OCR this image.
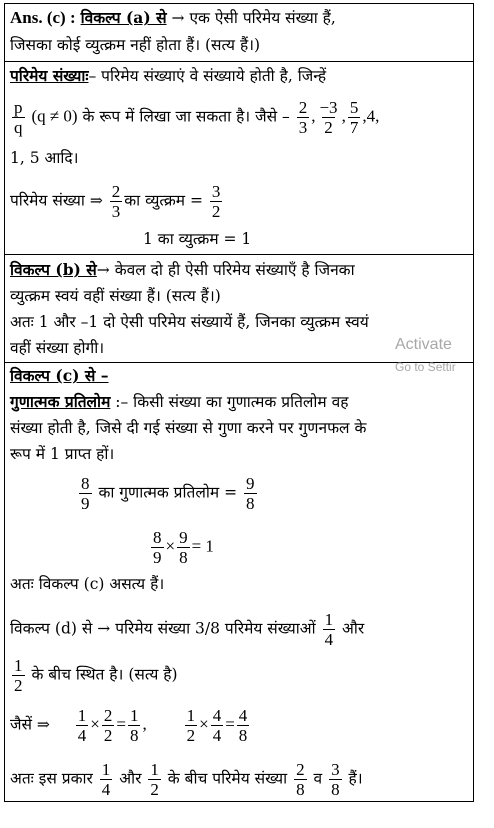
Ans. (c) : विकल्प (a) से → एक ऐसी परिमेय संख्या हैं,
जिसका कोई व्युत्क्रम नहीं होता हैं। (सत्य हैं।)
परिमेय संख्याः– परिमेय संख्याएं वे संख्याये होती है, जिन्हें
$\frac{p}{q} (q \ne 0)$ के रूप में लिखा जा सकता है। जैसे – $\frac{2}{3}$ , $\frac{-3}{2}$ , $\frac{5}{7} ,4$,
1, 5 आदि।
परिमेय संख्या ⇒ $\frac{2}{3}$ का व्युत्क्रम = $\frac{3}{2}$
1 का व्युत्क्रम = 1
विकल्प (b) से→ केवल दो ही ऐसी परिमेय संख्याएँ है जिनका
व्युत्क्रम स्वयं वहीं संख्या हैं। (सत्य हैं।)
अतः 1 और –1 दो ऐसी परिमेय संख्यायें हैं, जिनका व्युत्क्रम स्वयं
वहीं संख्या होगी।
विकल्प (c) से –
गुणात्मक प्रतिलोम :– किसी संख्या का गुणात्मक प्रतिलोम वह
संख्या होती है, जिसे दी गई संख्या से गुणा करने पर गुणनफल के
रूप में 1 प्राप्त हों।
$\frac{8}{9}$ का गुणात्मक प्रतिलोम = $\frac{9}{8}$
$\frac{8}{9} \times \frac{9}{8} = 1$
अतः विकल्प (c) असत्य हैं।
विकल्प (d) से → परिमेय संख्या 3/8 परिमेय संख्याओं $\frac{1}{4}$ और
$\frac{1}{2}$ के बीच स्थित है। (सत्य है)
जैसें ⇒ $\frac{1}{4} \times \frac{2}{2} = \frac{1}{8}$ , $\frac{1}{2} \times \frac{4}{4} = \frac{4}{8}$
अतः इस प्रकार $\frac{1}{4}$ और $\frac{1}{2}$ के बीच परिमेय संख्या $\frac{2}{8}$ व $\frac{3}{8}$ हैं।
Activate
Go to Settir
